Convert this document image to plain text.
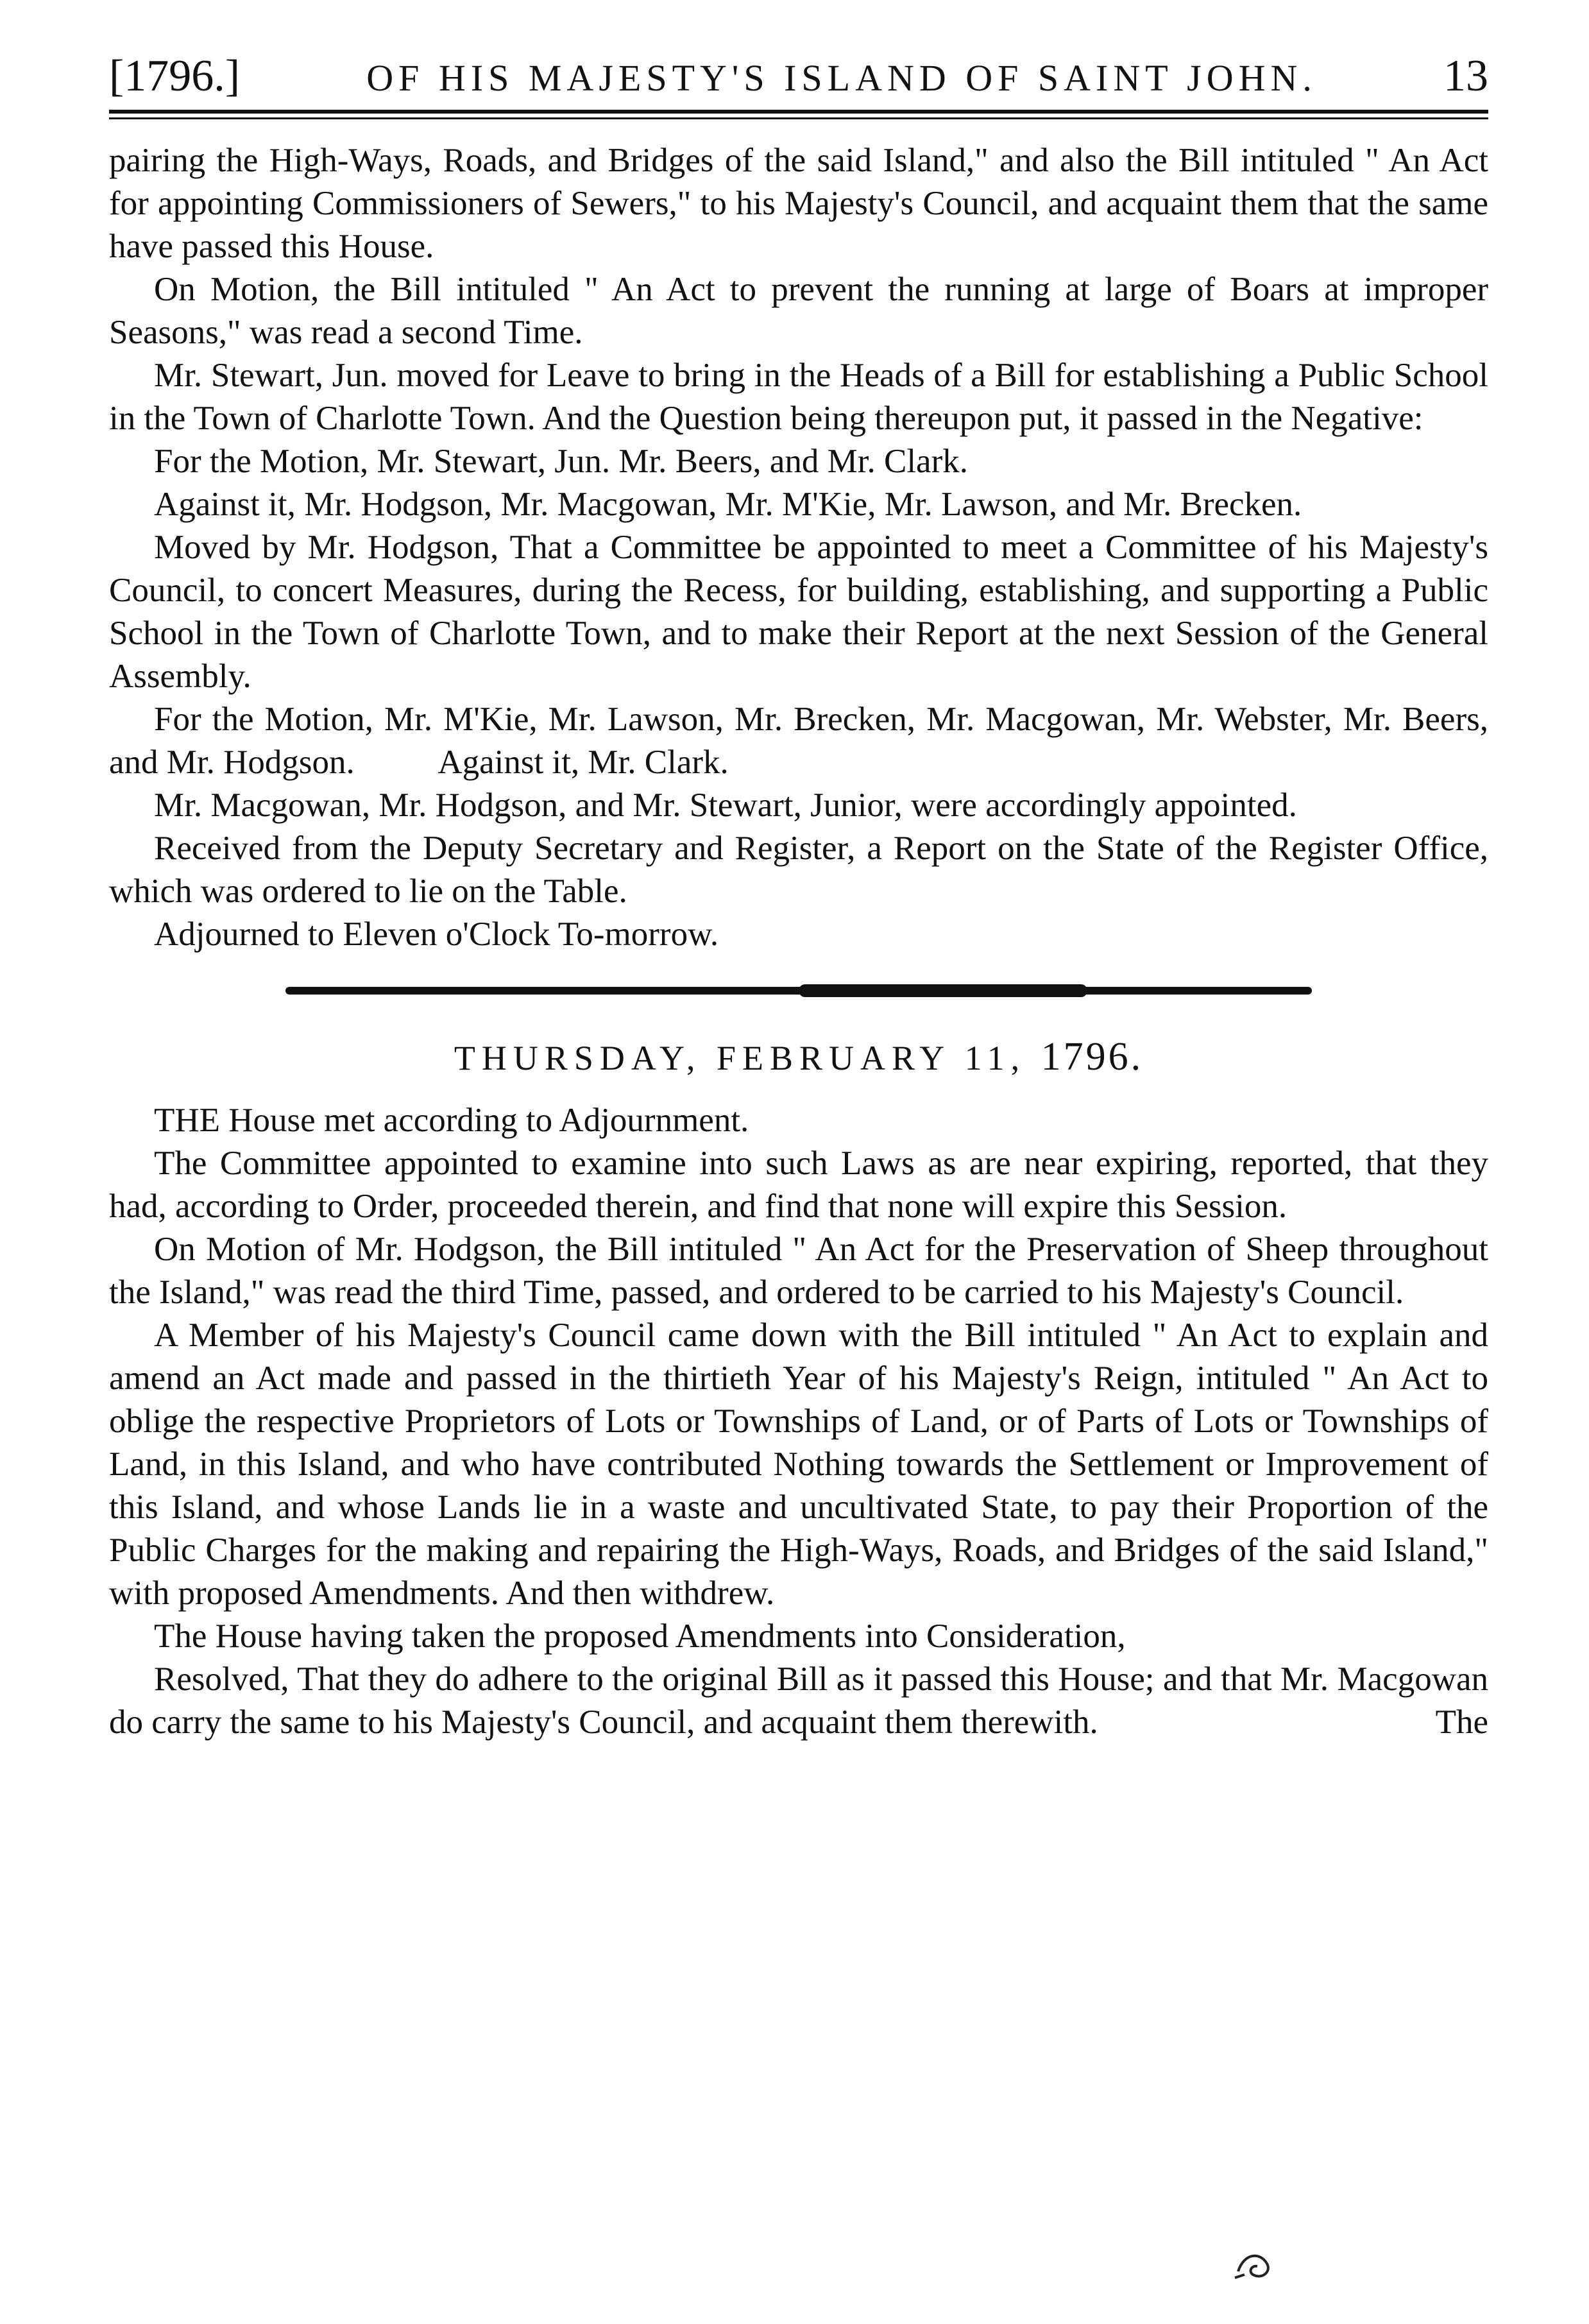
[1796.]	OF HIS MAJESTY'S ISLAND OF SAINT JOHN.	13

pairing the High-Ways, Roads, and Bridges of the said Island," and also the Bill intituled " An Act for appointing Commissioners of Sewers," to his Majesty's Council, and acquaint them that the same have passed this House.

On Motion, the Bill intituled " An Act to prevent the running at large of Boars at improper Seasons," was read a second Time.

Mr. Stewart, Jun. moved for Leave to bring in the Heads of a Bill for establishing a Public School in the Town of Charlotte Town. And the Question being thereupon put, it passed in the Negative:

For the Motion, Mr. Stewart, Jun. Mr. Beers, and Mr. Clark.

Against it, Mr. Hodgson, Mr. Macgowan, Mr. M'Kie, Mr. Lawson, and Mr. Brecken.

Moved by Mr. Hodgson, That a Committee be appointed to meet a Committee of his Majesty's Council, to concert Measures, during the Recess, for building, establishing, and supporting a Public School in the Town of Charlotte Town, and to make their Report at the next Session of the General Assembly.

For the Motion, Mr. M'Kie, Mr. Lawson, Mr. Brecken, Mr. Macgowan, Mr. Webster, Mr. Beers, and Mr. Hodgson.          Against it, Mr. Clark.

Mr. Macgowan, Mr. Hodgson, and Mr. Stewart, Junior, were accordingly appointed.

Received from the Deputy Secretary and Register, a Report on the State of the Register Office, which was ordered to lie on the Table.

Adjourned to Eleven o'Clock To-morrow.

THURSDAY, FEBRUARY 11, 1796.

THE House met according to Adjournment.

The Committee appointed to examine into such Laws as are near expiring, reported, that they had, according to Order, proceeded therein, and find that none will expire this Session.

On Motion of Mr. Hodgson, the Bill intituled " An Act for the Preservation of Sheep throughout the Island," was read the third Time, passed, and ordered to be carried to his Majesty's Council.

A Member of his Majesty's Council came down with the Bill intituled " An Act to explain and amend an Act made and passed in the thirtieth Year of his Majesty's Reign, intituled " An Act to oblige the respective Proprietors of Lots or Townships of Land, or of Parts of Lots or Townships of Land, in this Island, and who have contributed Nothing towards the Settlement or Improvement of this Island, and whose Lands lie in a waste and uncultivated State, to pay their Proportion of the Public Charges for the making and repairing the High-Ways, Roads, and Bridges of the said Island," with proposed Amendments. And then withdrew.

The House having taken the proposed Amendments into Consideration,

Resolved, That they do adhere to the original Bill as it passed this House; and that Mr. Macgowan do carry the same to his Majesty's Council, and acquaint them therewith.	The
